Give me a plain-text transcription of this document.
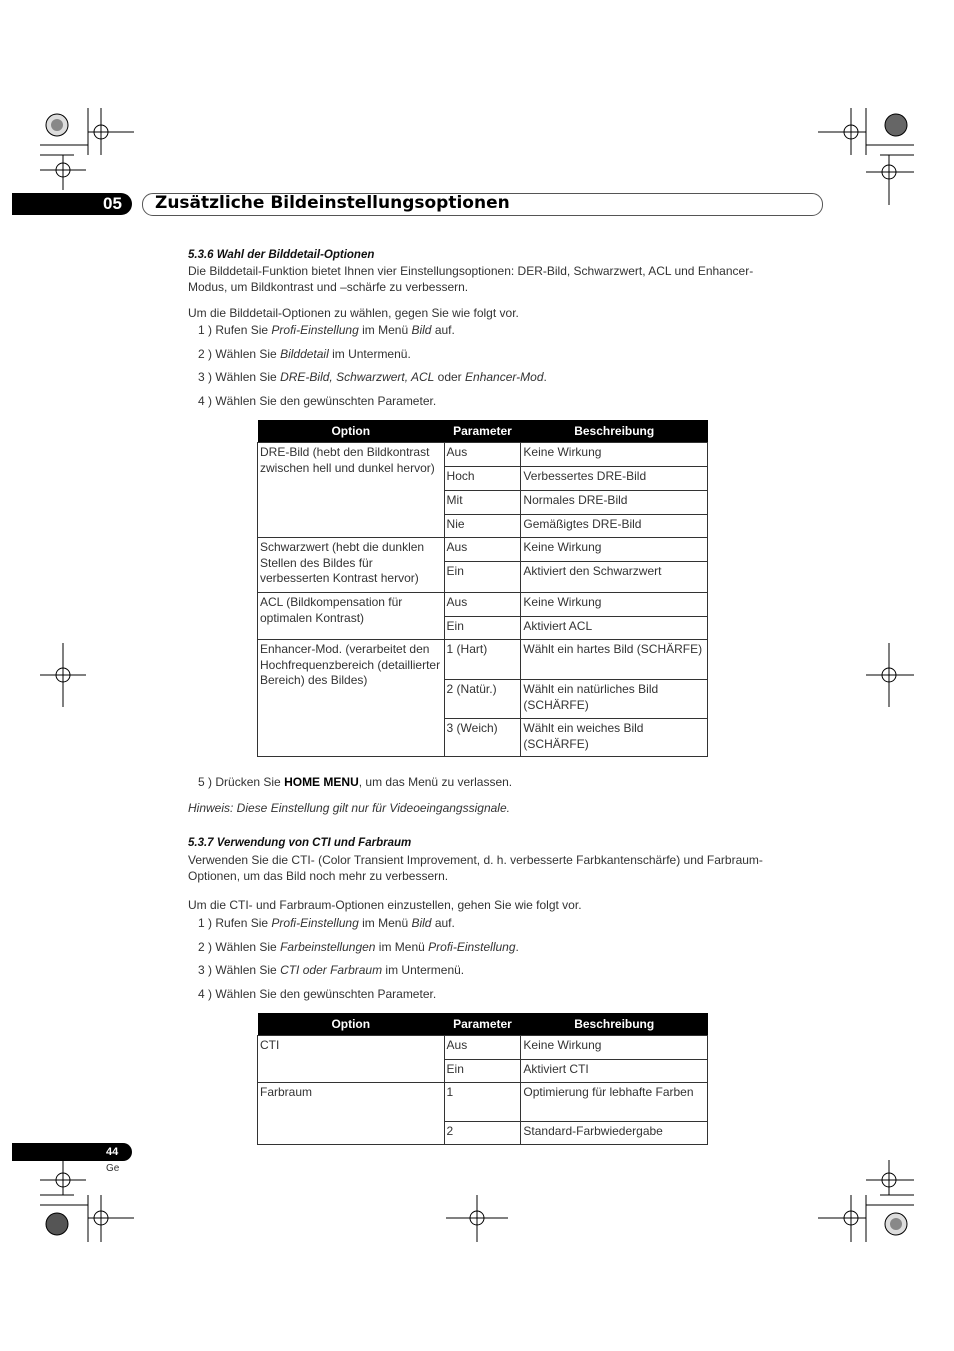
05 Zusätzliche Bildeinstellungsoptionen
5.3.6 Wahl der Bilddetail-Optionen
Die Bilddetail-Funktion bietet Ihnen vier Einstellungsoptionen: DER-Bild, Schwarzwert, ACL und Enhancer-
Modus, um Bildkontrast und –schärfe zu verbessern.
Um die Bilddetail-Optionen zu wählen, gegen Sie wie folgt vor.
1 ) Rufen Sie Profi-Einstellung im Menü Bild auf.
2 ) Wählen Sie Bilddetail im Untermenü.
3 ) Wählen Sie DRE-Bild, Schwarzwert, ACL oder Enhancer-Mod.
4 ) Wählen Sie den gewünschten Parameter.
Option	Parameter	Beschreibung
DRE-Bild (hebt den Bildkontrast zwischen hell und dunkel hervor)	Aus	Keine Wirkung
	Hoch	Verbessertes DRE-Bild
	Mit	Normales DRE-Bild
	Nie	Gemäßigtes DRE-Bild
Schwarzwert (hebt die dunklen Stellen des Bildes für verbesserten Kontrast hervor)	Aus	Keine Wirkung
	Ein	Aktiviert den Schwarzwert
ACL (Bildkompensation für optimalen Kontrast)	Aus	Keine Wirkung
	Ein	Aktiviert ACL
Enhancer-Mod. (verarbeitet den Hochfrequenzbereich (detaillierter Bereich) des Bildes)	1 (Hart)	Wählt ein hartes Bild (SCHÄRFE)
	2 (Natür.)	Wählt ein natürliches Bild (SCHÄRFE)
	3 (Weich)	Wählt ein weiches Bild (SCHÄRFE)
5 ) Drücken Sie HOME MENU, um das Menü zu verlassen.
Hinweis: Diese Einstellung gilt nur für Videoeingangssignale.
5.3.7 Verwendung von CTI und Farbraum
Verwenden Sie die CTI- (Color Transient Improvement, d. h. verbesserte Farbkantenschärfe) und Farbraum-
Optionen, um das Bild noch mehr zu verbessern.
Um die CTI- und Farbraum-Optionen einzustellen, gehen Sie wie folgt vor.
1 ) Rufen Sie Profi-Einstellung im Menü Bild auf.
2 ) Wählen Sie Farbeinstellungen im Menü Profi-Einstellung.
3 ) Wählen Sie CTI oder Farbraum im Untermenü.
4 ) Wählen Sie den gewünschten Parameter.
Option	Parameter	Beschreibung
CTI	Aus	Keine Wirkung
	Ein	Aktiviert CTI
Farbraum	1	Optimierung für lebhafte Farben
	2	Standard-Farbwiedergabe
44
Ge
